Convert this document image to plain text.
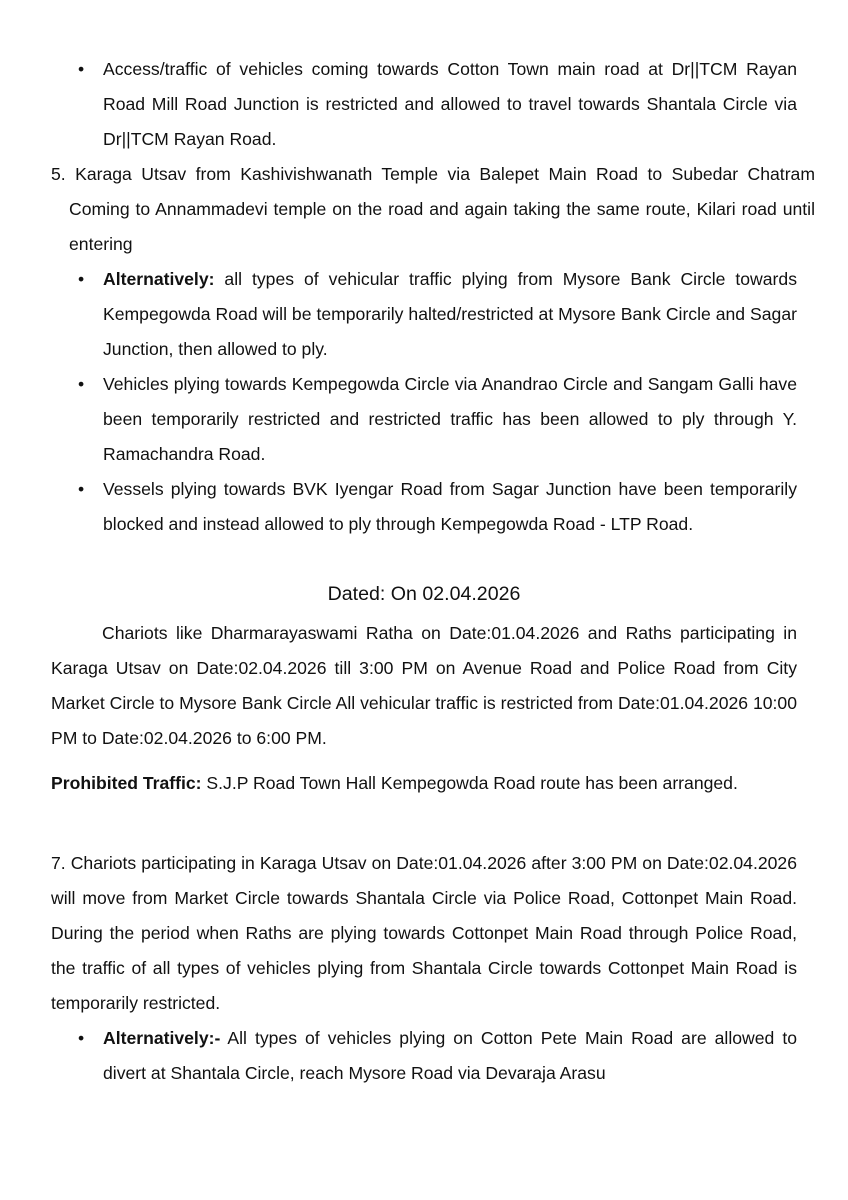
• Access/traffic of vehicles coming towards Cotton Town main road at Dr||TCM Rayan Road Mill Road Junction is restricted and allowed to travel towards Shantala Circle via Dr||TCM Rayan Road.

5. Karaga Utsav from Kashivishwanath Temple via Balepet Main Road to Subedar Chatram Coming to Annammadevi temple on the road and again taking the same route, Kilari road until entering

• Alternatively: all types of vehicular traffic plying from Mysore Bank Circle towards Kempegowda Road will be temporarily halted/restricted at Mysore Bank Circle and Sagar Junction, then allowed to ply.

• Vehicles plying towards Kempegowda Circle via Anandrao Circle and Sangam Galli have been temporarily restricted and restricted traffic has been allowed to ply through Y. Ramachandra Road.

• Vessels plying towards BVK Iyengar Road from Sagar Junction have been temporarily blocked and instead allowed to ply through Kempegowda Road - LTP Road.

Dated: On 02.04.2026

Chariots like Dharmarayaswami Ratha on Date:01.04.2026 and Raths participating in Karaga Utsav on Date:02.04.2026 till 3:00 PM on Avenue Road and Police Road from City Market Circle to Mysore Bank Circle All vehicular traffic is restricted from Date:01.04.2026 10:00 PM to Date:02.04.2026 to 6:00 PM.

Prohibited Traffic: S.J.P Road Town Hall Kempegowda Road route has been arranged.

7. Chariots participating in Karaga Utsav on Date:01.04.2026 after 3:00 PM on Date:02.04.2026 will move from Market Circle towards Shantala Circle via Police Road, Cottonpet Main Road. During the period when Raths are plying towards Cottonpet Main Road through Police Road, the traffic of all types of vehicles plying from Shantala Circle towards Cottonpet Main Road is temporarily restricted.

• Alternatively:- All types of vehicles plying on Cotton Pete Main Road are allowed to divert at Shantala Circle, reach Mysore Road via Devaraja Arasu
